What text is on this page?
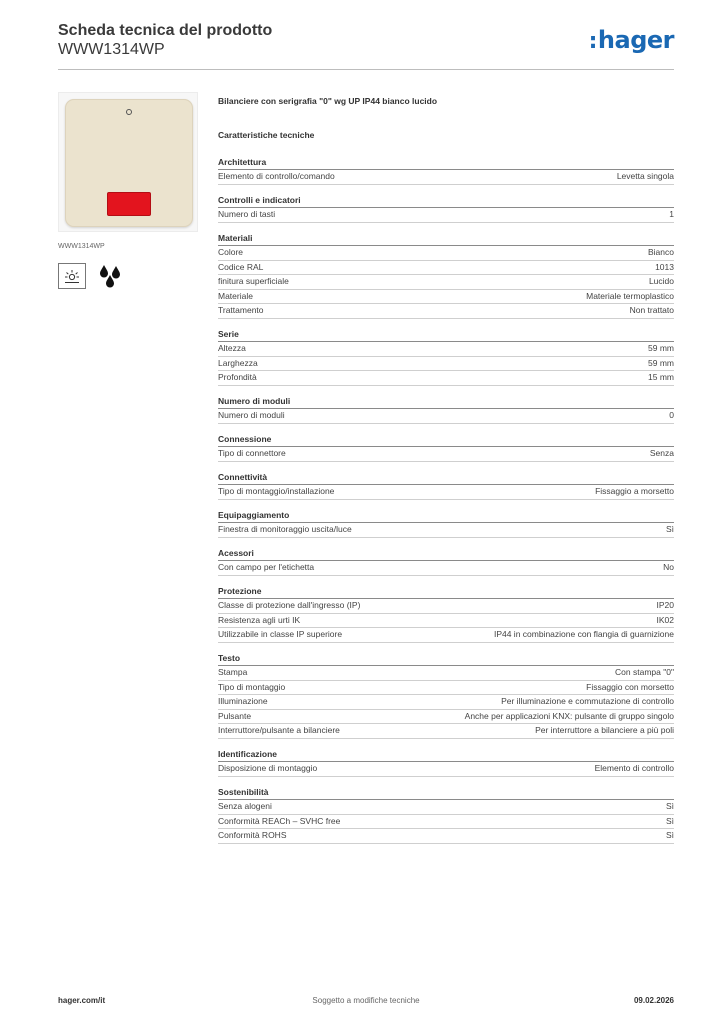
Scheda tecnica del prodotto
WWW1314WP	:hager
WWW1314WP
Bilanciere con serigrafia "0" wg UP IP44 bianco lucido
Caratteristiche tecniche
Architettura
Elemento di controllo/comando	Levetta singola
Controlli e indicatori
Numero di tasti	1
Materiali
Colore	Bianco
Codice RAL	1013
finitura superficiale	Lucido
Materiale	Materiale termoplastico
Trattamento	Non trattato
Serie
Altezza	59 mm
Larghezza	59 mm
Profondità	15 mm
Numero di moduli
Numero di moduli	0
Connessione
Tipo di connettore	Senza
Connettività
Tipo di montaggio/installazione	Fissaggio a morsetto
Equipaggiamento
Finestra di monitoraggio uscita/luce	Sì
Acessori
Con campo per l'etichetta	No
Protezione
Classe di protezione dall'ingresso (IP)	IP20
Resistenza agli urti IK	IK02
Utilizzabile in classe IP superiore	IP44 in combinazione con flangia di guarnizione
Testo
Stampa	Con stampa "0"
Tipo di montaggio	Fissaggio con morsetto
Illuminazione	Per illuminazione e commutazione di controllo
Pulsante	Anche per applicazioni KNX: pulsante di gruppo singolo
Interruttore/pulsante a bilanciere	Per interruttore a bilanciere a più poli
Identificazione
Disposizione di montaggio	Elemento di controllo
Sostenibilità
Senza alogeni	Sì
Conformità REACh – SVHC free	Sì
Conformità ROHS	Sì
hager.com/it	Soggetto a modifiche tecniche	09.02.2026
